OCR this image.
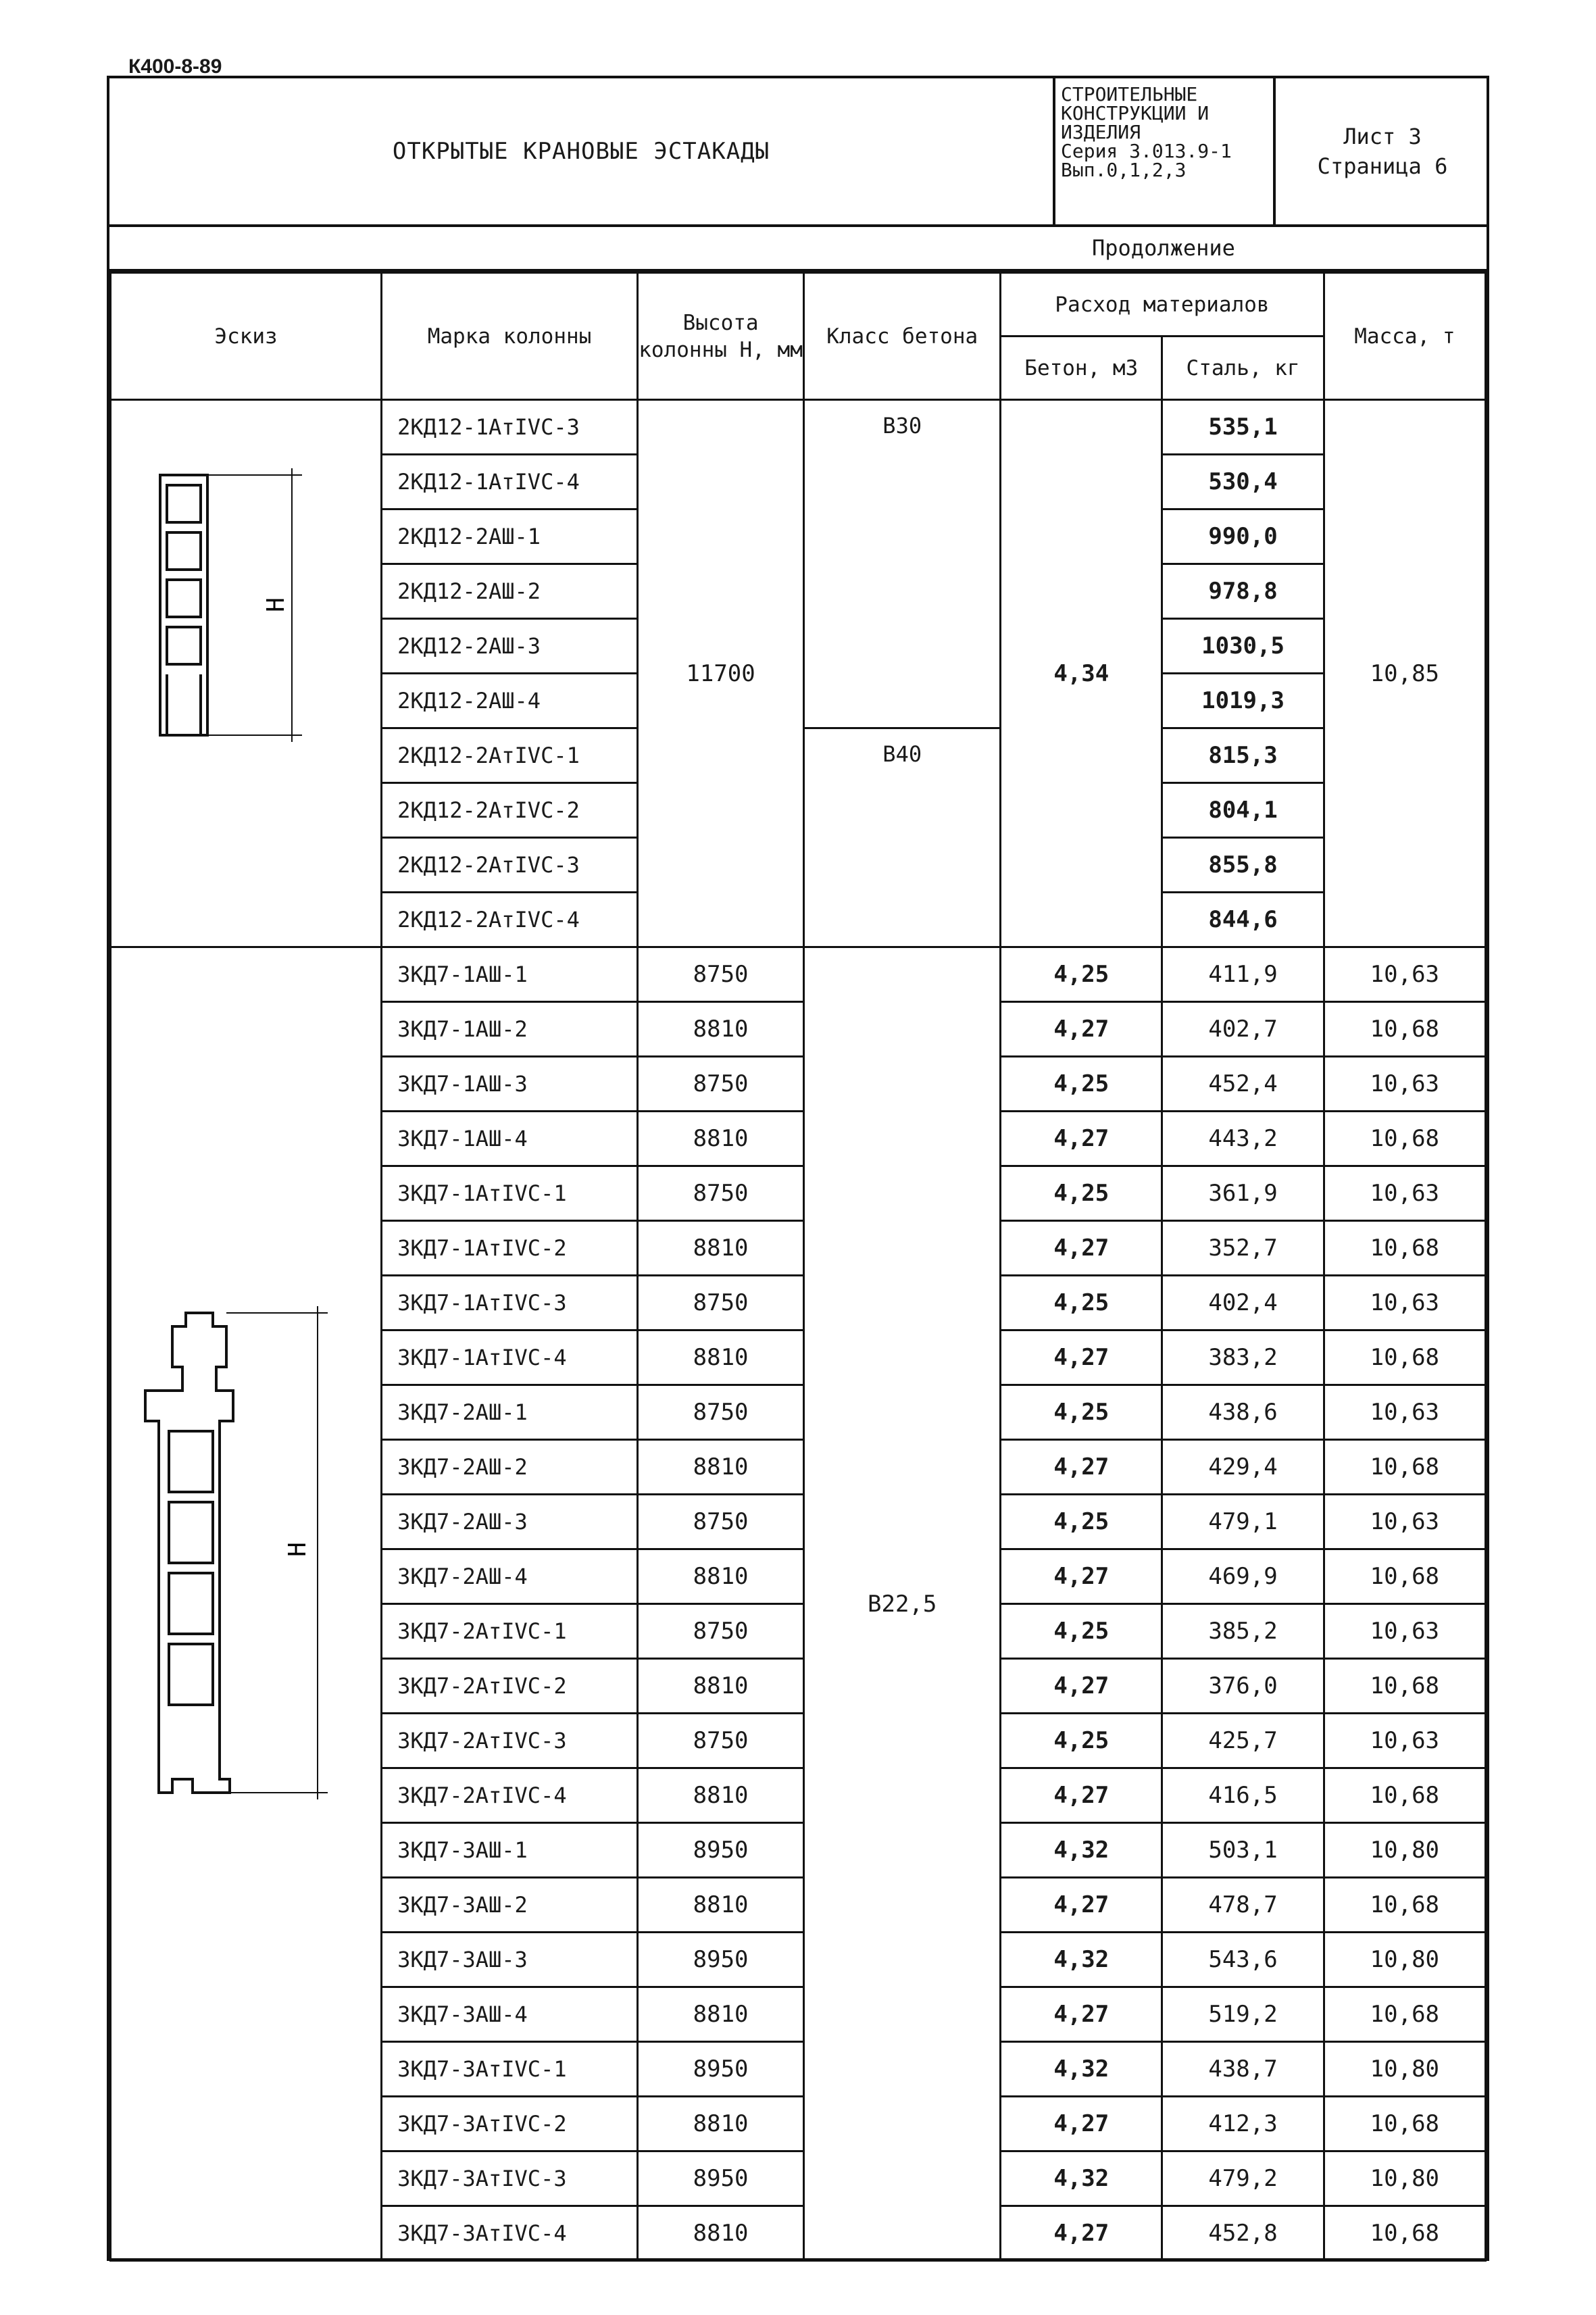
К400-8-89
ОТКРЫТЫЕ КРАНОВЫЕ ЭСТАКАДЫ
СТРОИТЕЛЬНЫЕ
КОНСТРУКЦИИ И
ИЗДЕЛИЯ
Серия 3.013.9-1
Вып.0,1,2,3
Лист 3
Страница 6
Продолжение
Эскиз	Марка колонны	Высота колонны Н, мм	Класс бетона	Расход материалов		Масса, т
				Бетон, м3	Сталь, кг	

Н	2КД12-1АтIVС-3	11700	В30	4,34	535,1	10,85
	2КД12-1АтIVС-4				530,4	
	2КД12-2АШ-1				990,0	
	2КД12-2АШ-2				978,8	
	2КД12-2АШ-3				1030,5	
	2КД12-2АШ-4				1019,3	
	2КД12-2АтIVС-1		В40		815,3	
	2КД12-2АтIVС-2				804,1	
	2КД12-2АтIVС-3				855,8	
	2КД12-2АтIVС-4				844,6	

Н	3КД7-1АШ-1	8750	В22,5	4,25	411,9	10,63
	3КД7-1АШ-2	8810		4,27	402,7	10,68
	3КД7-1АШ-3	8750		4,25	452,4	10,63
	3КД7-1АШ-4	8810		4,27	443,2	10,68
	3КД7-1АтIVС-1	8750		4,25	361,9	10,63
	3КД7-1АтIVС-2	8810		4,27	352,7	10,68
	3КД7-1АтIVС-3	8750		4,25	402,4	10,63
	3КД7-1АтIVС-4	8810		4,27	383,2	10,68
	3КД7-2АШ-1	8750		4,25	438,6	10,63
	3КД7-2АШ-2	8810		4,27	429,4	10,68
	3КД7-2АШ-3	8750		4,25	479,1	10,63
	3КД7-2АШ-4	8810		4,27	469,9	10,68
	3КД7-2АтIVС-1	8750		4,25	385,2	10,63
	3КД7-2АтIVС-2	8810		4,27	376,0	10,68
	3КД7-2АтIVС-3	8750		4,25	425,7	10,63
	3КД7-2АтIVС-4	8810		4,27	416,5	10,68
	3КД7-3АШ-1	8950		4,32	503,1	10,80
	3КД7-3АШ-2	8810		4,27	478,7	10,68
	3КД7-3АШ-3	8950		4,32	543,6	10,80
	3КД7-3АШ-4	8810		4,27	519,2	10,68
	3КД7-3АтIVС-1	8950		4,32	438,7	10,80
	3КД7-3АтIVС-2	8810		4,27	412,3	10,68
	3КД7-3АтIVС-3	8950		4,32	479,2	10,80
	3КД7-3АтIVС-4	8810		4,27	452,8	10,68
